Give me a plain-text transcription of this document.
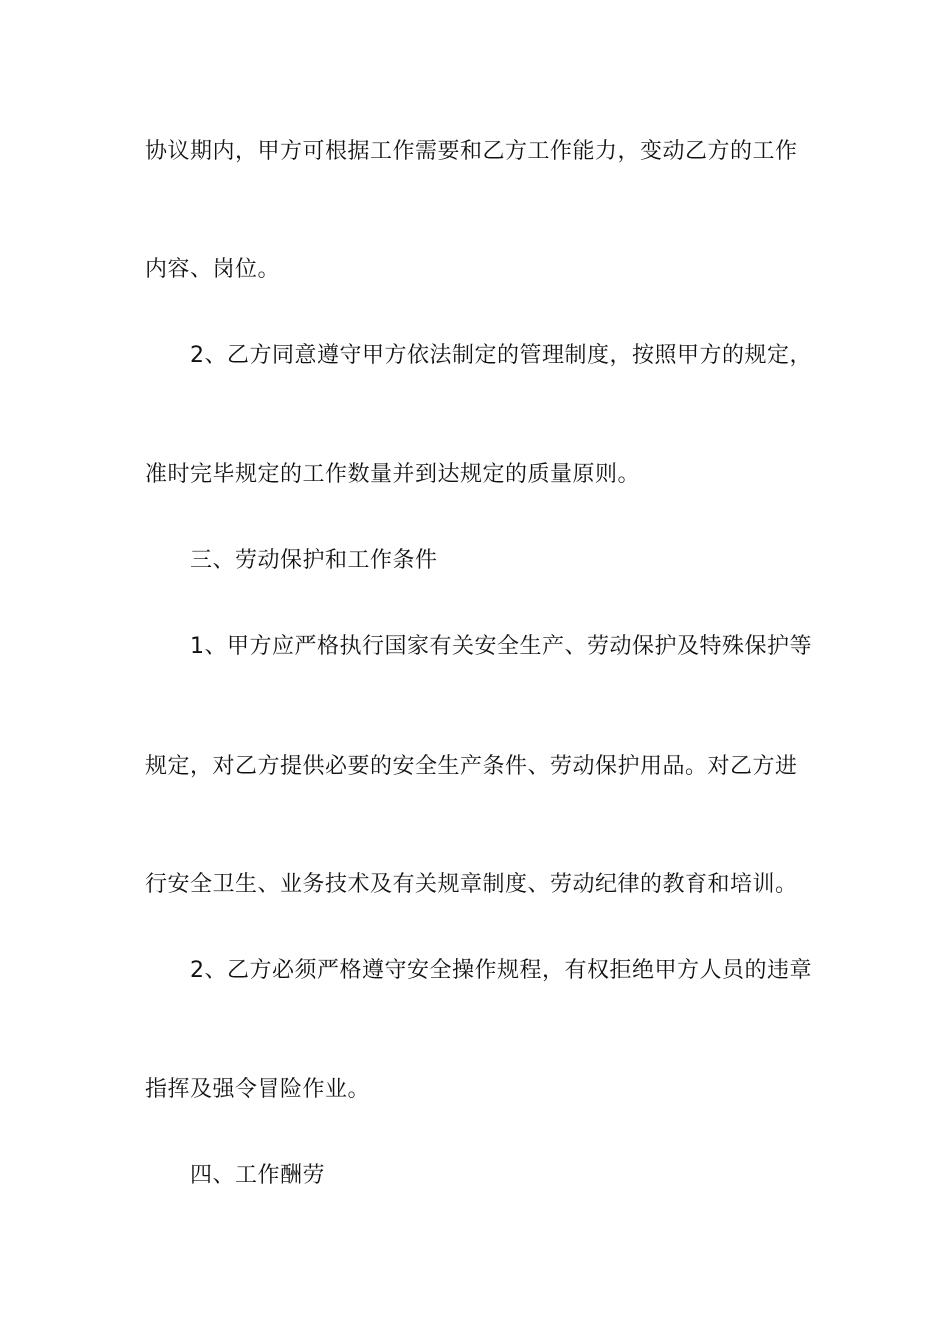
协议期内，甲方可根据工作需要和乙方工作能力，变动乙方的工作
内容、岗位。
2、乙方同意遵守甲方依法制定的管理制度，按照甲方的规定，
准时完毕规定的工作数量并到达规定的质量原则。
三、劳动保护和工作条件
1、甲方应严格执行国家有关安全生产、劳动保护及特殊保护等
规定，对乙方提供必要的安全生产条件、劳动保护用品。对乙方进
行安全卫生、业务技术及有关规章制度、劳动纪律的教育和培训。
2、乙方必须严格遵守安全操作规程，有权拒绝甲方人员的违章
指挥及强令冒险作业。
四、工作酬劳
